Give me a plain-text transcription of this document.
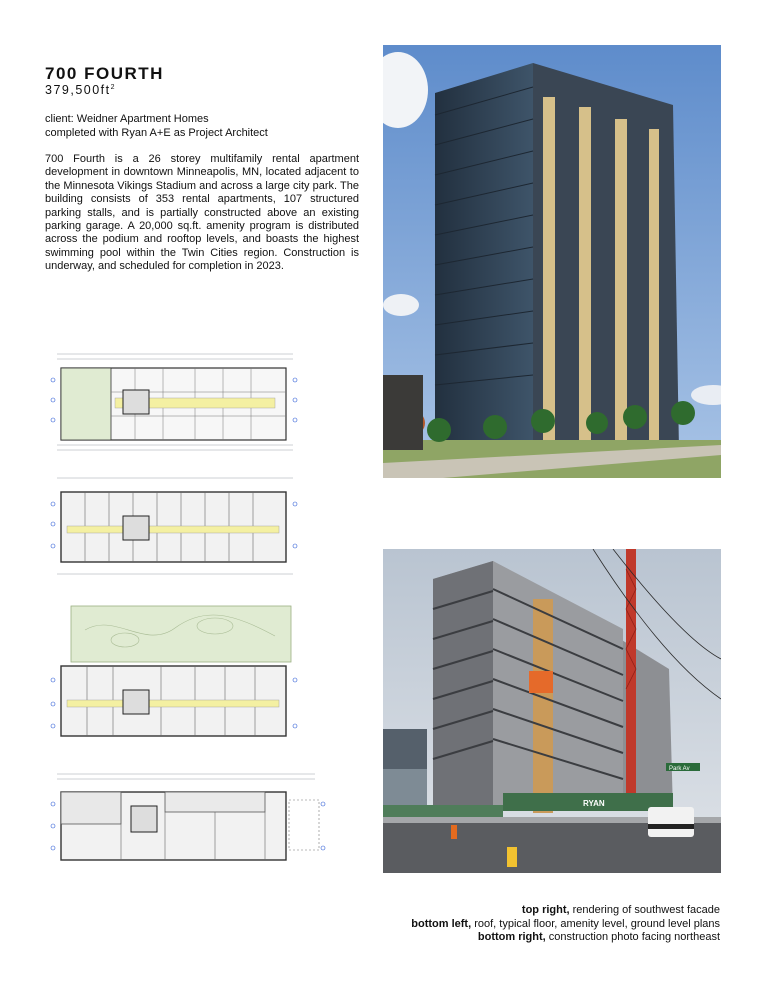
700 FOURTH
$379,500ft^2$
client: Weidner Apartment Homes
completed with Ryan A+E as Project Architect
700 Fourth is a 26 storey multifamily rental apartment development in downtown Minneapolis, MN, located adjacent to the Minnesota Vikings Stadium and across a large city park. The building consists of 353 rental apartments, 107 structured parking stalls, and is partially constructed above an existing parking garage. A 20,000 sq.ft. amenity program is distributed across the podium and rooftop levels, and boasts the highest swimming pool within the Twin Cities region. Construction is underway, and scheduled for completion in 2023.
RYAN
Park Av
top right, rendering of southwest facade
bottom left, roof, typical floor, amenity level, ground level plans
bottom right, construction photo facing northeast
